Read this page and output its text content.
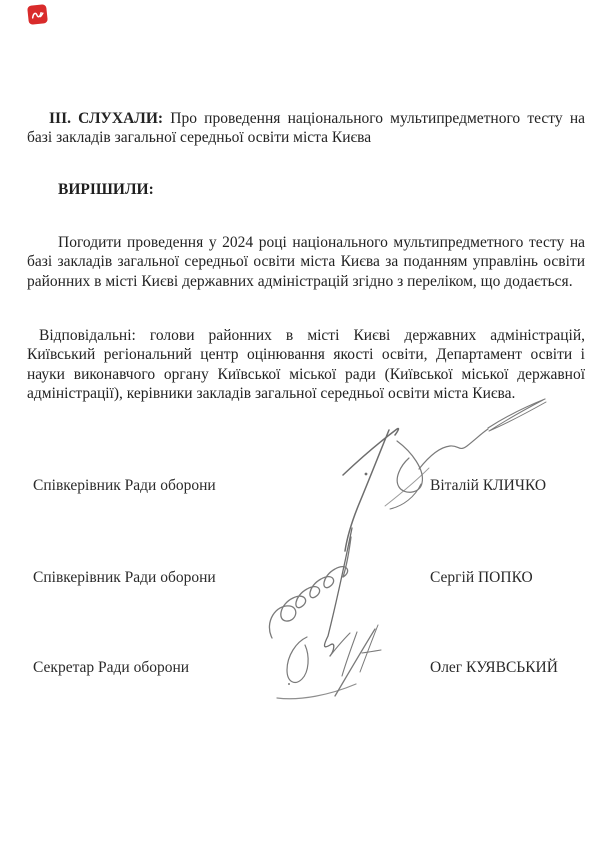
ІІІ. СЛУХАЛИ: Про проведення національного мультипредметного тесту на базі закладів загальної середньої освіти міста Києва

ВИРІШИЛИ:

Погодити проведення у 2024 році національного мультипредметного тесту на базі закладів загальної середньої освіти міста Києва за поданням управлінь освіти районних в місті Києві державних адміністрацій згідно з переліком, що додається.

Відповідальні: голови районних в місті Києві державних адміністрацій, Київський регіональний центр оцінювання якості освіти, Департамент освіти і науки виконавчого органу Київської міської ради (Київської міської державної адміністрації), керівники закладів загальної середньої освіти міста Києва.

Співкерівник Ради оборони	Віталій КЛИЧКО
Співкерівник Ради оборони	Сергій ПОПКО
Секретар Ради оборони	Олег КУЯВСЬКИЙ
